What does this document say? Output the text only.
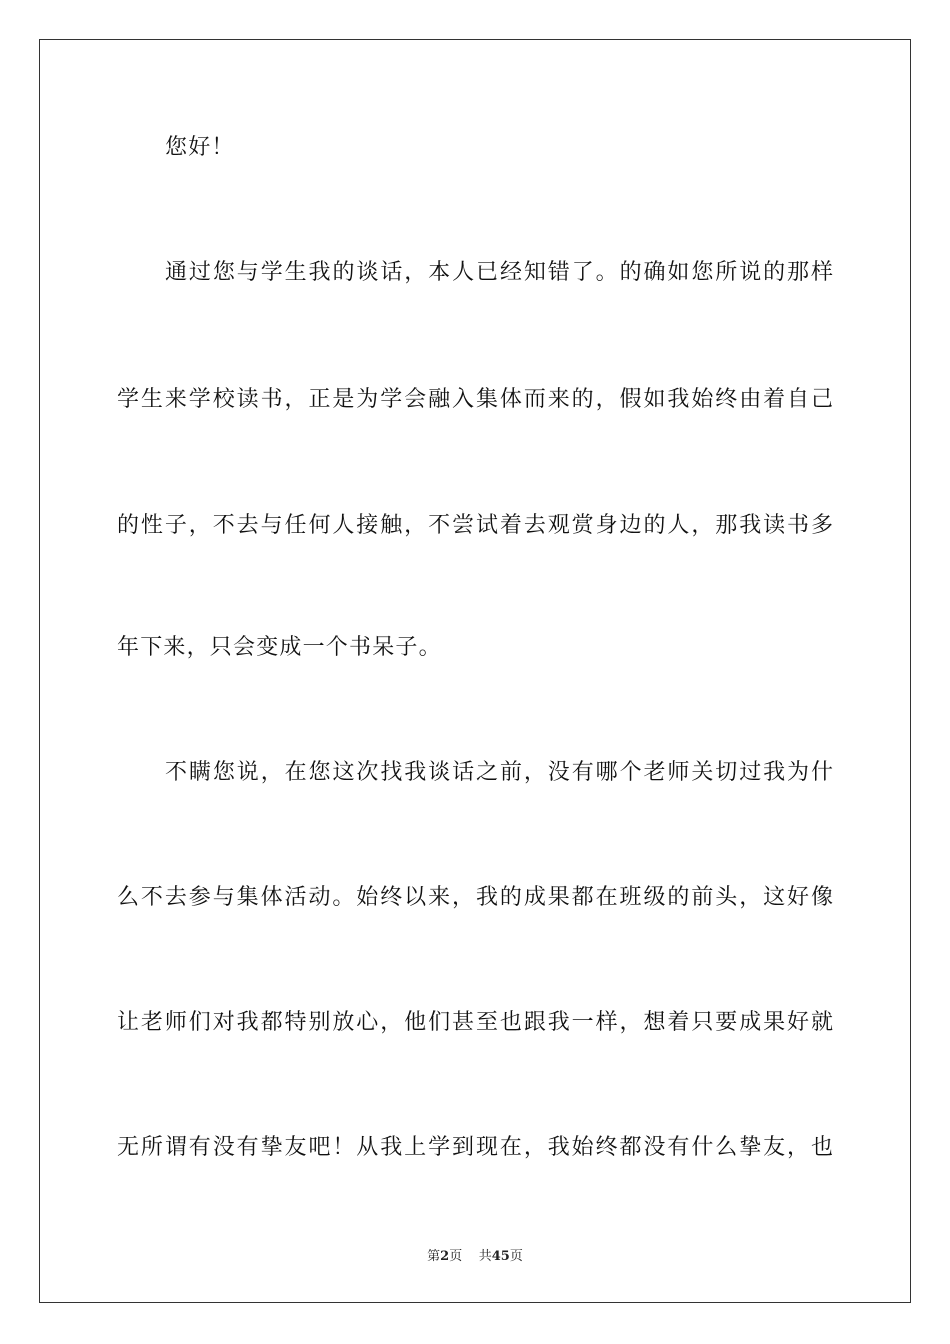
您好！
通过您与学生我的谈话，本人已经知错了。的确如您所说的那样
学生来学校读书，正是为学会融入集体而来的，假如我始终由着自己
的性子，不去与任何人接触，不尝试着去观赏身边的人，那我读书多
年下来，只会变成一个书呆子。
不瞒您说，在您这次找我谈话之前，没有哪个老师关切过我为什
么不去参与集体活动。始终以来，我的成果都在班级的前头，这好像
让老师们对我都特别放心，他们甚至也跟我一样，想着只要成果好就
无所谓有没有挚友吧！从我上学到现在，我始终都没有什么挚友，也
第2页 共45页
